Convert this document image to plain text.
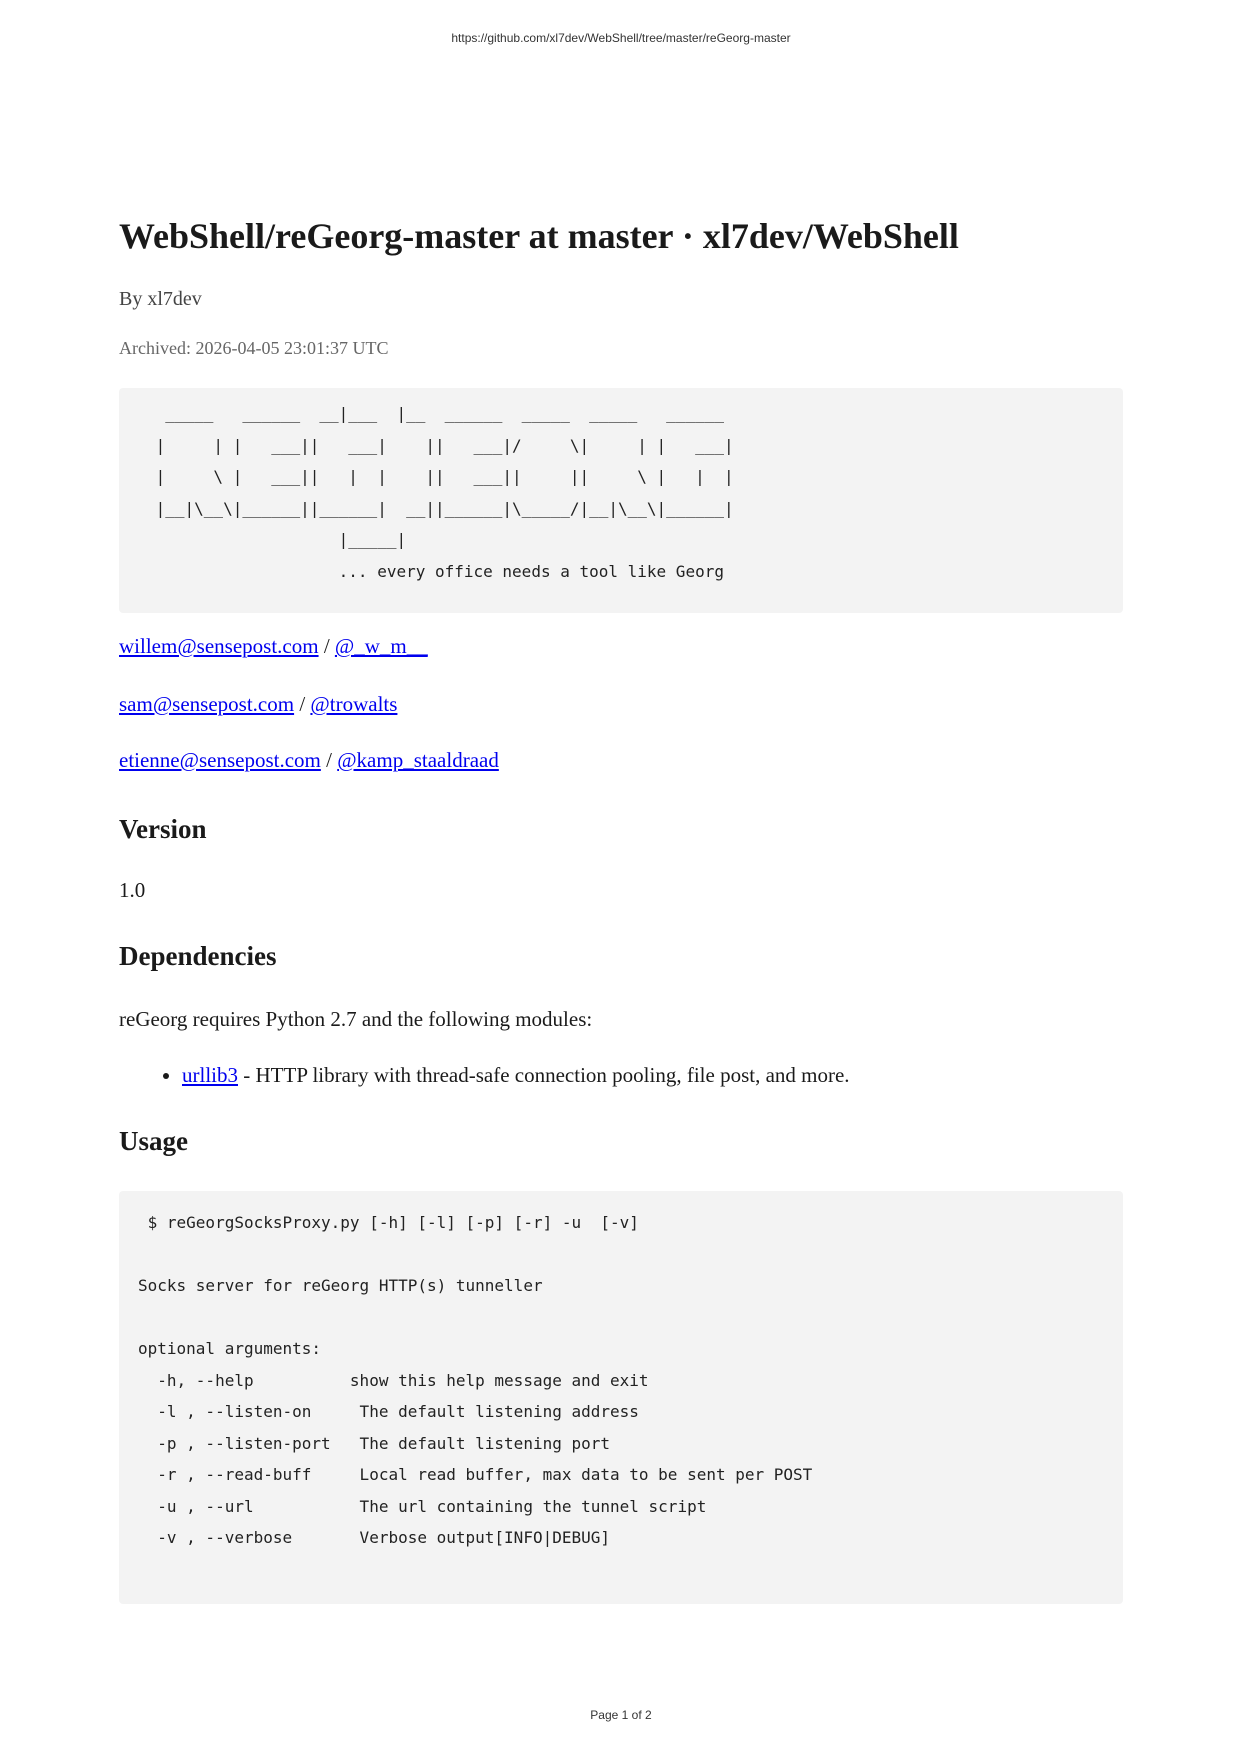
https://github.com/xl7dev/WebShell/tree/master/reGeorg-master
WebShell/reGeorg-master at master · xl7dev/WebShell

By xl7dev

Archived: 2026-04-05 23:01:37 UTC

_____   ______  __|___  |__  ______  _____  _____   ______
|     | |   ___||   ___|    ||   ___|/     \|     | |   ___|
|     \ |   ___||   |  |    ||   ___||     ||     \ |   |  |
|__|\__\|______||______|  __||______|\_____/|__|\__\|______|
|_____|
... every office needs a tool like Georg

willem@sensepost.com / @_w_m__

sam@sensepost.com / @trowalts

etienne@sensepost.com / @kamp_staaldraad

Version

1.0

Dependencies

reGeorg requires Python 2.7 and the following modules:

• urllib3 - HTTP library with thread-safe connection pooling, file post, and more.
Usage
$ reGeorgSocksProxy.py [-h] [-l] [-p] [-r] -u  [-v]

Socks server for reGeorg HTTP(s) tunneller

optional arguments:
-h, --help          show this help message and exit
-l , --listen-on     The default listening address
-p , --listen-port   The default listening port
-r , --read-buff     Local read buffer, max data to be sent per POST
-u , --url           The url containing the tunnel script
-v , --verbose       Verbose output[INFO|DEBUG]
Page 1 of 2
